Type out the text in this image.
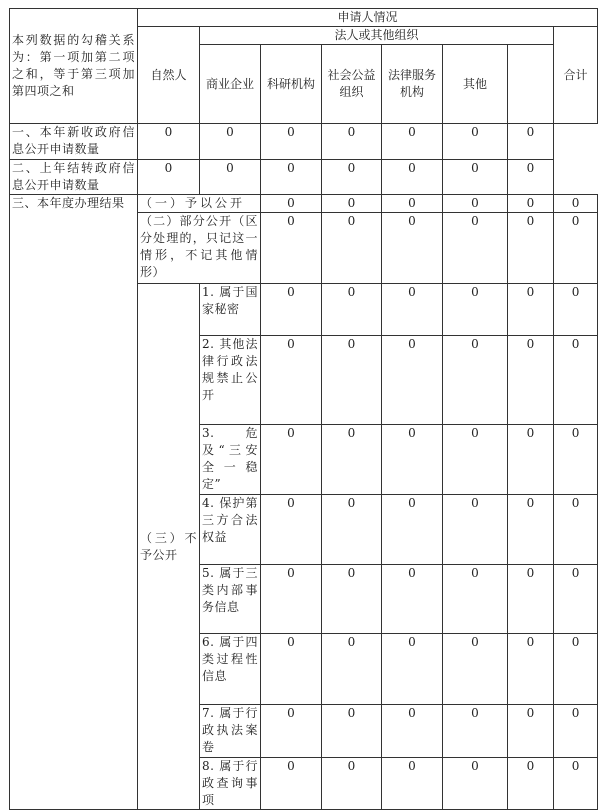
本列数据的勾稽关系为：第一项加第二项之和，等于第三项加第四项之和	申请人情况							
	自然人	法人或其他组织						合计
		商业企业	科研机构	社会公益组织	法律服务机构	其他		
一、本年新收政府信息公开申请数量	0	0	0	0	0	0	0	
二、上年结转政府信息公开申请数量	0	0	0	0	0	0	0	
三、本年度办理结果	（一）予以公开		0	0	0	0	0	0
	（二）部分公开（区分处理的，只记这一情形，不记其他情形）		0	0	0	0	0	0
	（三）不予公开	1. 属于国家秘密	0	0	0	0	0	0
		2. 其他法律行政法规禁止公开	0	0	0	0	0	0
		3. 危及“三安全一稳定”	0	0	0	0	0	0
		4. 保护第三方合法权益	0	0	0	0	0	0
		5. 属于三类内部事务信息	0	0	0	0	0	0
		6. 属于四类过程性信息	0	0	0	0	0	0
		7. 属于行政执法案卷	0	0	0	0	0	0
		8. 属于行政查询事项	0	0	0	0	0	0
